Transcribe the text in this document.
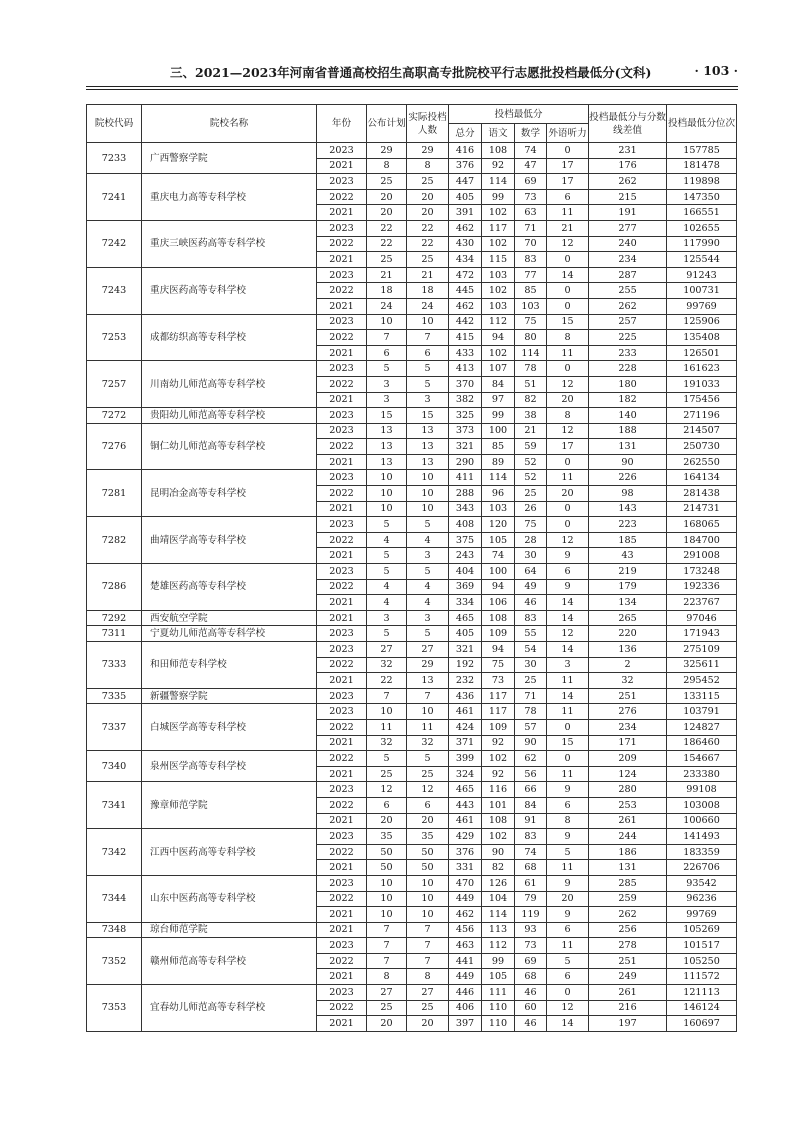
三、2021—2023年河南省普通高校招生高职高专批院校平行志愿批投档最低分(文科)	· 103 ·
院校代码	院校名称	年份	公布计划	实际投档人数	投档最低分				投档最低分与分数线差值	投档最低分位次
					总分	语文	数学	外语听力		
7233	广西警察学院	2023	29	29	416	108	74	0	231	157785
		2021	8	8	376	92	47	17	176	181478
7241	重庆电力高等专科学校	2023	25	25	447	114	69	17	262	119898
		2022	20	20	405	99	73	6	215	147350
		2021	20	20	391	102	63	11	191	166551
7242	重庆三峡医药高等专科学校	2023	22	22	462	117	71	21	277	102655
		2022	22	22	430	102	70	12	240	117990
		2021	25	25	434	115	83	0	234	125544
7243	重庆医药高等专科学校	2023	21	21	472	103	77	14	287	91243
		2022	18	18	445	102	85	0	255	100731
		2021	24	24	462	103	103	0	262	99769
7253	成都纺织高等专科学校	2023	10	10	442	112	75	15	257	125906
		2022	7	7	415	94	80	8	225	135408
		2021	6	6	433	102	114	11	233	126501
7257	川南幼儿师范高等专科学校	2023	5	5	413	107	78	0	228	161623
		2022	3	5	370	84	51	12	180	191033
		2021	3	3	382	97	82	20	182	175456
7272	贵阳幼儿师范高等专科学校	2023	15	15	325	99	38	8	140	271196
7276	铜仁幼儿师范高等专科学校	2023	13	13	373	100	21	12	188	214507
		2022	13	13	321	85	59	17	131	250730
		2021	13	13	290	89	52	0	90	262550
7281	昆明冶金高等专科学校	2023	10	10	411	114	52	11	226	164134
		2022	10	10	288	96	25	20	98	281438
		2021	10	10	343	103	26	0	143	214731
7282	曲靖医学高等专科学校	2023	5	5	408	120	75	0	223	168065
		2022	4	4	375	105	28	12	185	184700
		2021	5	3	243	74	30	9	43	291008
7286	楚雄医药高等专科学校	2023	5	5	404	100	64	6	219	173248
		2022	4	4	369	94	49	9	179	192336
		2021	4	4	334	106	46	14	134	223767
7292	西安航空学院	2021	3	3	465	108	83	14	265	97046
7311	宁夏幼儿师范高等专科学校	2023	5	5	405	109	55	12	220	171943
7333	和田师范专科学校	2023	27	27	321	94	54	14	136	275109
		2022	32	29	192	75	30	3	2	325611
		2021	22	13	232	73	25	11	32	295452
7335	新疆警察学院	2023	7	7	436	117	71	14	251	133115
7337	白城医学高等专科学校	2023	10	10	461	117	78	11	276	103791
		2022	11	11	424	109	57	0	234	124827
		2021	32	32	371	92	90	15	171	186460
7340	泉州医学高等专科学校	2022	5	5	399	102	62	0	209	154667
		2021	25	25	324	92	56	11	124	233380
7341	豫章师范学院	2023	12	12	465	116	66	9	280	99108
		2022	6	6	443	101	84	6	253	103008
		2021	20	20	461	108	91	8	261	100660
7342	江西中医药高等专科学校	2023	35	35	429	102	83	9	244	141493
		2022	50	50	376	90	74	5	186	183359
		2021	50	50	331	82	68	11	131	226706
7344	山东中医药高等专科学校	2023	10	10	470	126	61	9	285	93542
		2022	10	10	449	104	79	20	259	96236
		2021	10	10	462	114	119	9	262	99769
7348	琼台师范学院	2021	7	7	456	113	93	6	256	105269
7352	赣州师范高等专科学校	2023	7	7	463	112	73	11	278	101517
		2022	7	7	441	99	69	5	251	105250
		2021	8	8	449	105	68	6	249	111572
7353	宜春幼儿师范高等专科学校	2023	27	27	446	111	46	0	261	121113
		2022	25	25	406	110	60	12	216	146124
		2021	20	20	397	110	46	14	197	160697
